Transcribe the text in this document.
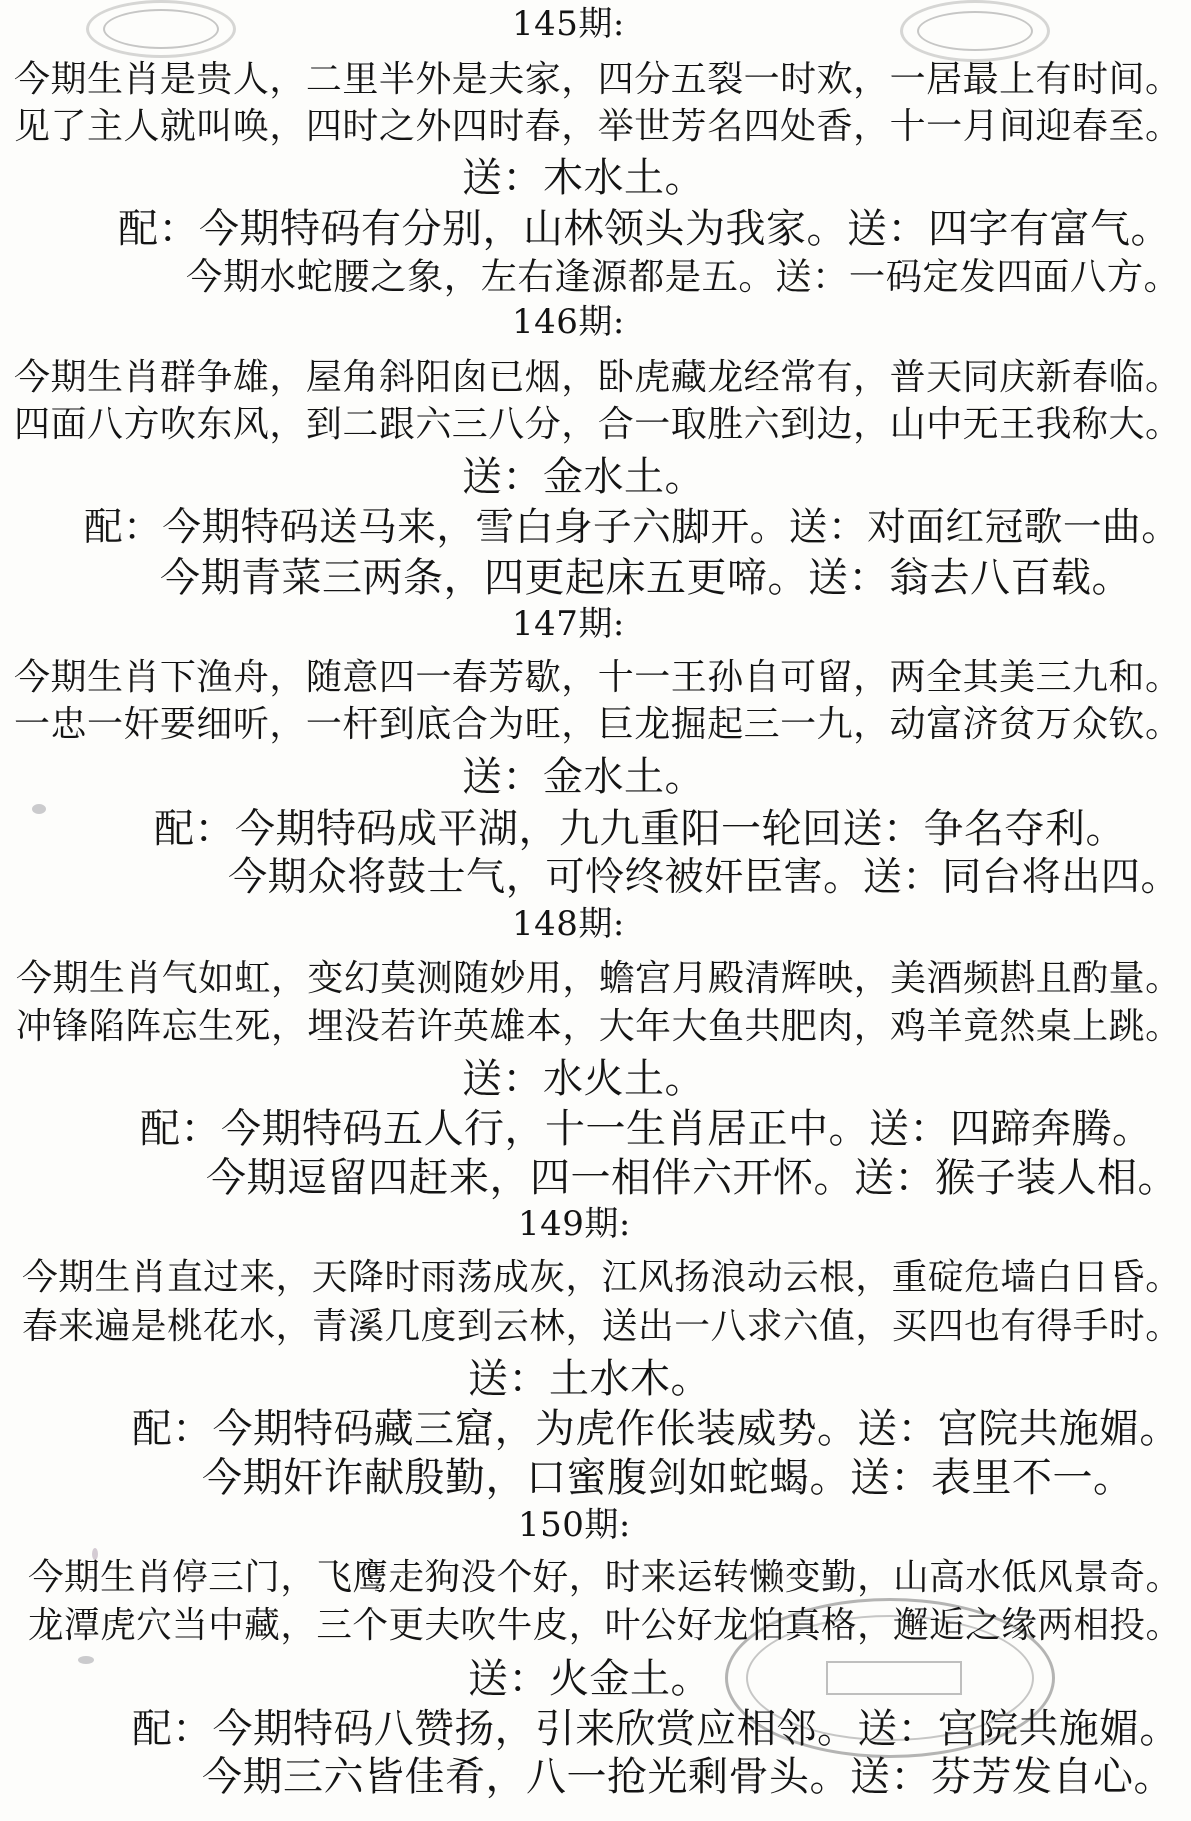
145期:
今期生肖是贵人，二里半外是夫家，四分五裂一时欢，一居最上有时间。
见了主人就叫唤，四时之外四时春，举世芳名四处香，十一月间迎春至。
送：木水土。
配：今期特码有分别，山林领头为我家。送：四字有富气。
今期水蛇腰之象，左右逢源都是五。送：一码定发四面八方。
146期:
今期生肖群争雄，屋角斜阳囱已烟，卧虎藏龙经常有，普天同庆新春临。
四面八方吹东风，到二跟六三八分，合一取胜六到边，山中无王我称大。
送：金水土。
配：今期特码送马来，雪白身子六脚开。送：对面红冠歌一曲。
今期青菜三两条，四更起床五更啼。送：翁去八百载。
147期:
今期生肖下渔舟，随意四一春芳歇，十一王孙自可留，两全其美三九和。
一忠一奸要细听，一杆到底合为旺，巨龙掘起三一九，动富济贫万众钦。
送：金水土。
配：今期特码成平湖，九九重阳一轮回送：争名夺利。
今期众将鼓士气，可怜终被奸臣害。送：同台将出四。
148期:
今期生肖气如虹，变幻莫测随妙用，蟾宫月殿清辉映，美酒频斟且酌量。
冲锋陷阵忘生死，埋没若许英雄本，大年大鱼共肥肉，鸡羊竟然桌上跳。
送：水火土。
配：今期特码五人行，十一生肖居正中。送：四蹄奔腾。
今期逗留四赶来，四一相伴六开怀。送：猴子装人相。
149期:
今期生肖直过来，天降时雨荡成灰，江风扬浪动云根，重碇危墙白日昏。
春来遍是桃花水，青溪几度到云林，送出一八求六值，买四也有得手时。
送：土水木。
配：今期特码藏三窟，为虎作伥装威势。送：宫院共施媚。
今期奸诈献殷勤，口蜜腹剑如蛇蝎。送：表里不一。
150期:
今期生肖停三门，飞鹰走狗没个好，时来运转懒变勤，山高水低风景奇。
龙潭虎穴当中藏，三个更夫吹牛皮，叶公好龙怕真格，邂逅之缘两相投。
送：火金土。
配：今期特码八赞扬，引来欣赏应相邻。送：宫院共施媚。
今期三六皆佳肴，八一抢光剩骨头。送：芬芳发自心。
